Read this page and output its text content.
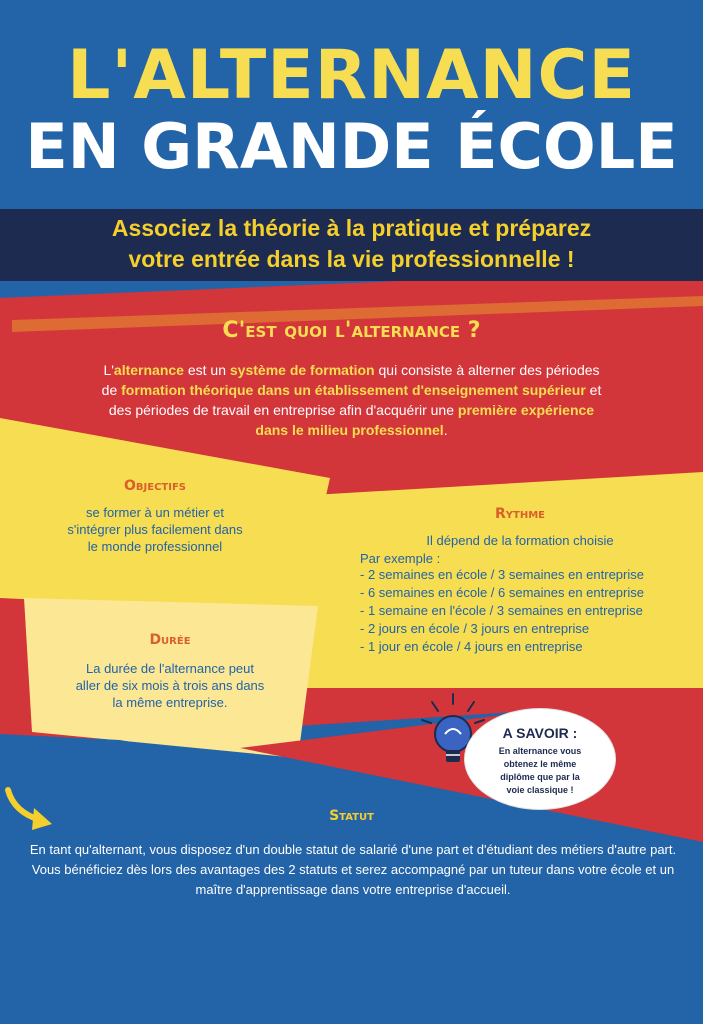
L'ALTERNANCE
EN GRANDE ÉCOLE
Associez la théorie à la pratique et préparez
votre entrée dans la vie professionnelle !
C'est quoi l'alternance ?
L'alternance est un système de formation qui consiste à alterner des périodes de formation théorique dans un établissement d'enseignement supérieur et des périodes de travail en entreprise afin d'acquérir une première expérience dans le milieu professionnel.
Objectifs
se former à un métier et s'intégrer plus facilement dans le monde professionnel
Rythme
Il dépend de la formation choisie
Par exemple :
- 2 semaines en école / 3 semaines en entreprise
- 6 semaines en école / 6 semaines en entreprise
- 1 semaine en l'école / 3 semaines en entreprise
- 2 jours en école / 3 jours en entreprise
- 1 jour en école / 4 jours en entreprise
Durée
La durée de l'alternance peut aller de six mois à trois ans dans la même entreprise.
A SAVOIR :
En alternance vous obtenez le même diplôme que par la voie classique !
Statut
En tant qu'alternant, vous disposez d'un double statut de salarié d'une part et d'étudiant des métiers d'autre part. Vous bénéficiez dès lors des avantages des 2 statuts et serez accompagné par un tuteur dans votre école et un maître d'apprentissage dans votre entreprise d'accueil.
